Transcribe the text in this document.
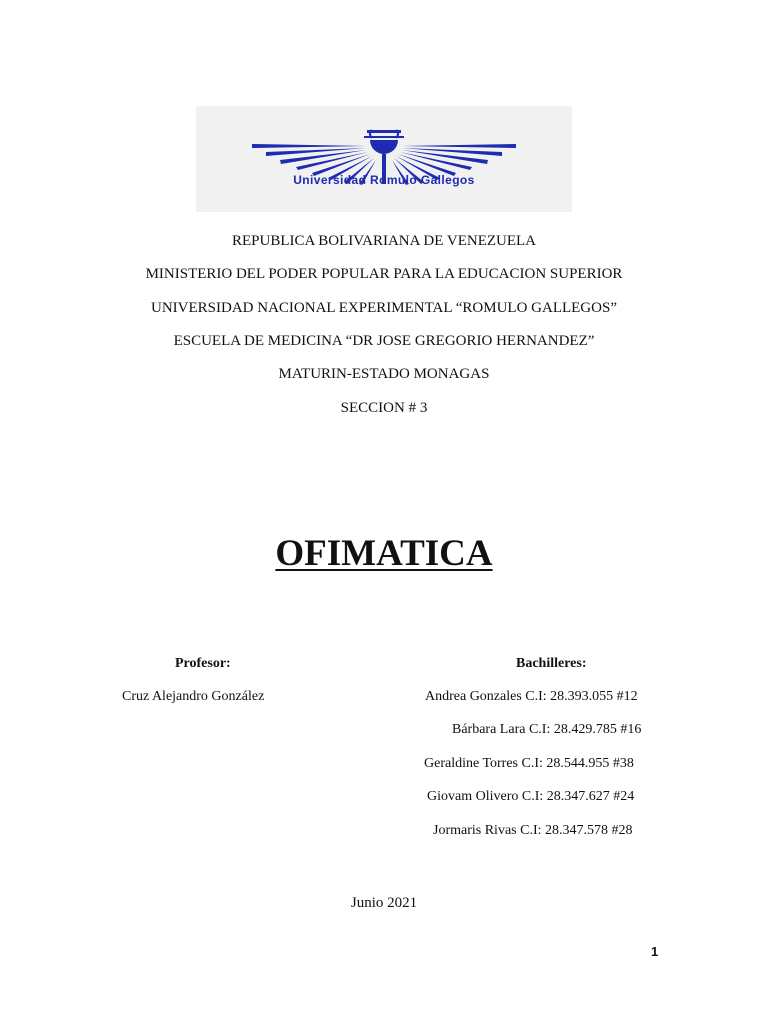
Universidad Romulo Gallegos
REPUBLICA BOLIVARIANA DE VENEZUELA
MINISTERIO DEL PODER POPULAR PARA LA EDUCACION SUPERIOR
UNIVERSIDAD NACIONAL EXPERIMENTAL “ROMULO GALLEGOS”
ESCUELA DE MEDICINA “DR JOSE GREGORIO HERNANDEZ”
MATURIN-ESTADO MONAGAS
SECCION # 3
OFIMATICA
Profesor:
Cruz Alejandro González
Bachilleres:
Andrea Gonzales C.I: 28.393.055 #12
Bárbara Lara C.I: 28.429.785 #16
Geraldine Torres C.I: 28.544.955 #38
Giovam Olivero C.I: 28.347.627 #24
Jormaris Rivas C.I: 28.347.578 #28
Junio 2021
1
